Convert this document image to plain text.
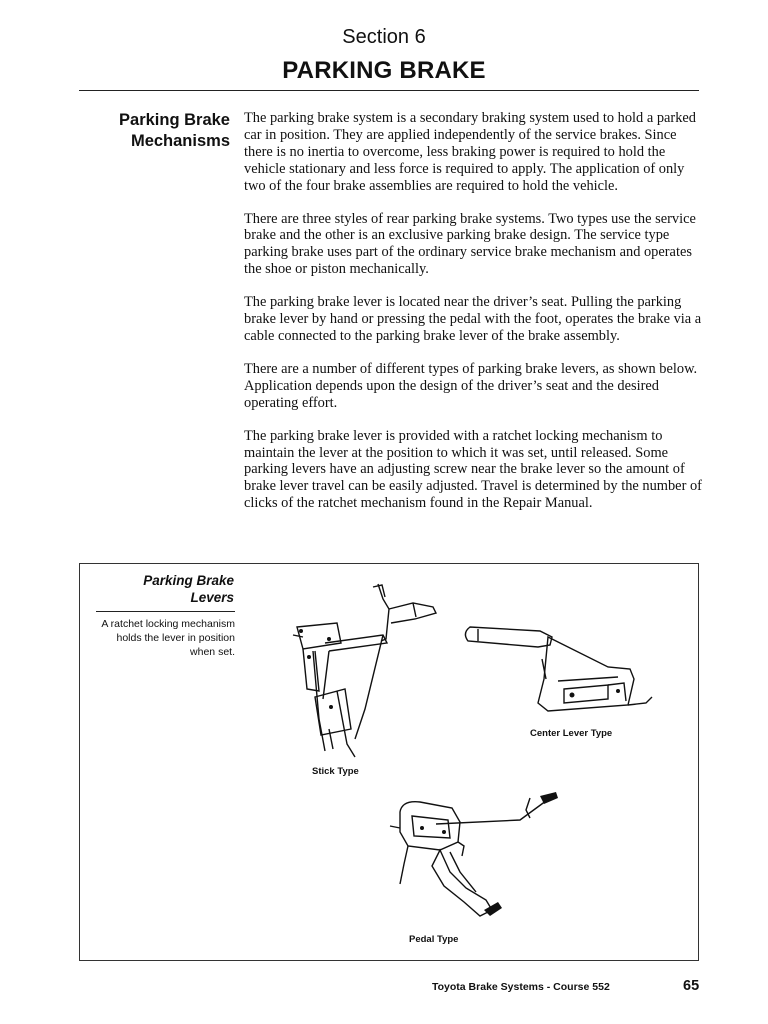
Section 6
PARKING BRAKE
Parking Brake Mechanisms

The parking brake system is a secondary braking system used to hold a parked car in position. They are applied independently of the service brakes. Since there is no inertia to overcome, less braking power is required to hold the vehicle stationary and less force is required to apply. The application of only two of the four brake assemblies are required to hold the vehicle.

There are three styles of rear parking brake systems. Two types use the service brake and the other is an exclusive parking brake design. The service type parking brake uses part of the ordinary service brake mechanism and operates the shoe or piston mechanically.

The parking brake lever is located near the driver’s seat. Pulling the parking brake lever by hand or pressing the pedal with the foot, operates the brake via a cable connected to the parking brake lever of the brake assembly.

There are a number of different types of parking brake levers, as shown below. Application depends upon the design of the driver’s seat and the desired operating effort.

The parking brake lever is provided with a ratchet locking mechanism to maintain the lever at the position to which it was set, until released. Some parking levers have an adjusting screw near the brake lever so the amount of brake lever travel can be easily adjusted. Travel is determined by the number of clicks of the ratchet mechanism found in the Repair Manual.

Parking Brake Levers
A ratchet locking mechanism holds the lever in position when set.
Stick Type
Center Lever Type
Pedal Type
Toyota Brake Systems - Course 552	65
